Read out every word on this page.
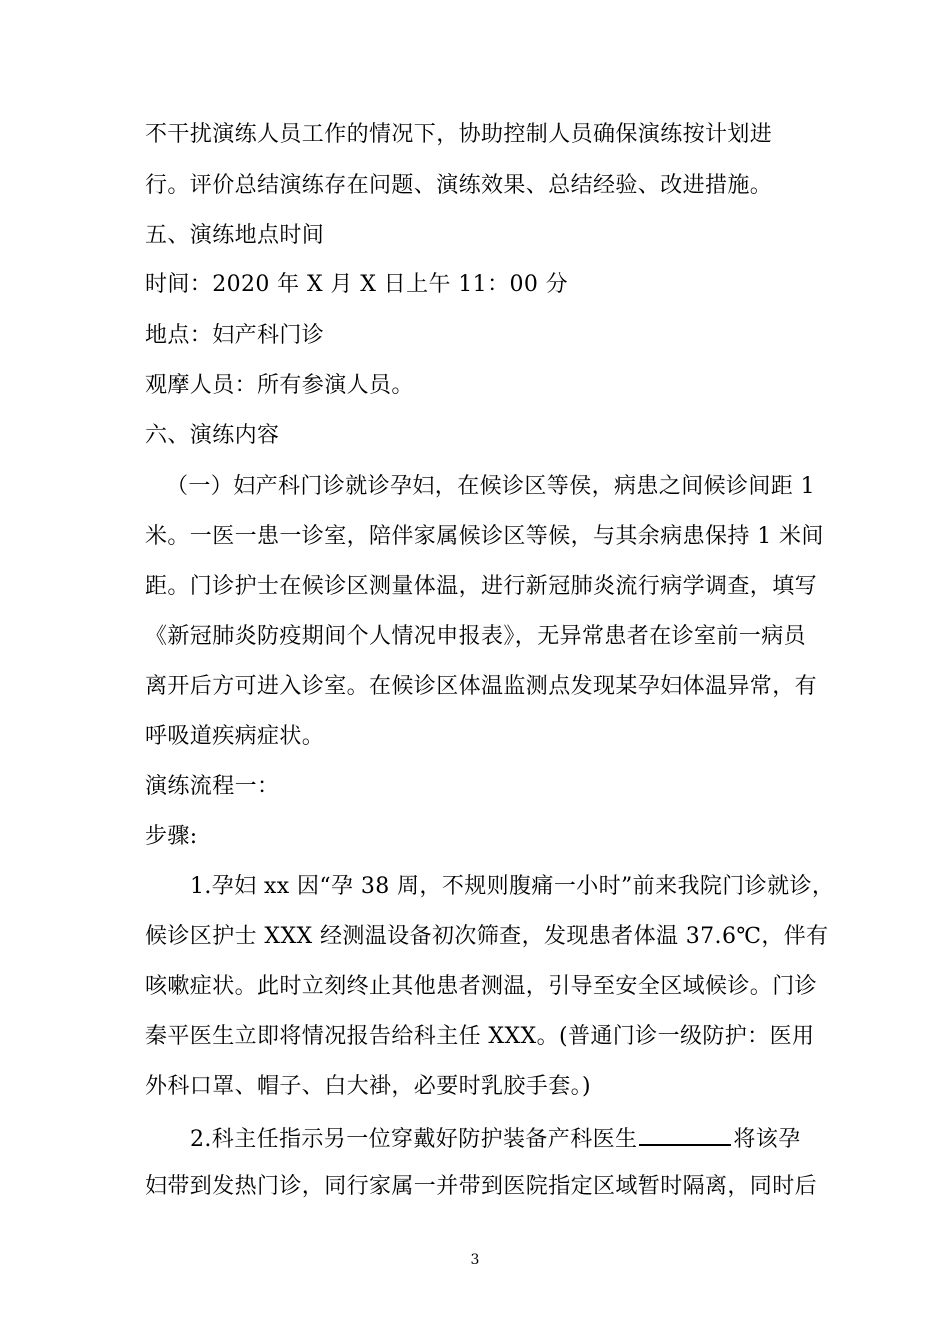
不干扰演练人员工作的情况下，协助控制人员确保演练按计划进
行。评价总结演练存在问题、演练效果、总结经验、改进措施。
五、演练地点时间
时间：2020 年 X 月 X 日上午 11：00 分
地点：妇产科门诊
观摩人员：所有参演人员。
六、演练内容
（一）妇产科门诊就诊孕妇，在候诊区等侯，病患之间候诊间距 1
米。一医一患一诊室，陪伴家属候诊区等候，与其余病患保持 1 米间
距。门诊护士在候诊区测量体温，进行新冠肺炎流行病学调查，填写
《新冠肺炎防疫期间个人情况申报表》，无异常患者在诊室前一病员
离开后方可进入诊室。在候诊区体温监测点发现某孕妇体温异常，有
呼吸道疾病症状。
演练流程一：
步骤:
1.孕妇 xx 因“孕 38 周，不规则腹痛一小时”前来我院门诊就诊，
候诊区护士 XXX 经测温设备初次筛查，发现患者体温 37.6℃，伴有
咳嗽症状。此时立刻终止其他患者测温，引导至安全区域候诊。门诊
秦平医生立即将情况报告给科主任 XXX。(普通门诊一级防护：医用
外科口罩、帽子、白大褂，必要时乳胶手套。)
2.科主任指示另一位穿戴好防护装备产科医生	将该孕
妇带到发热门诊，同行家属一并带到医院指定区域暂时隔离，同时后
3
